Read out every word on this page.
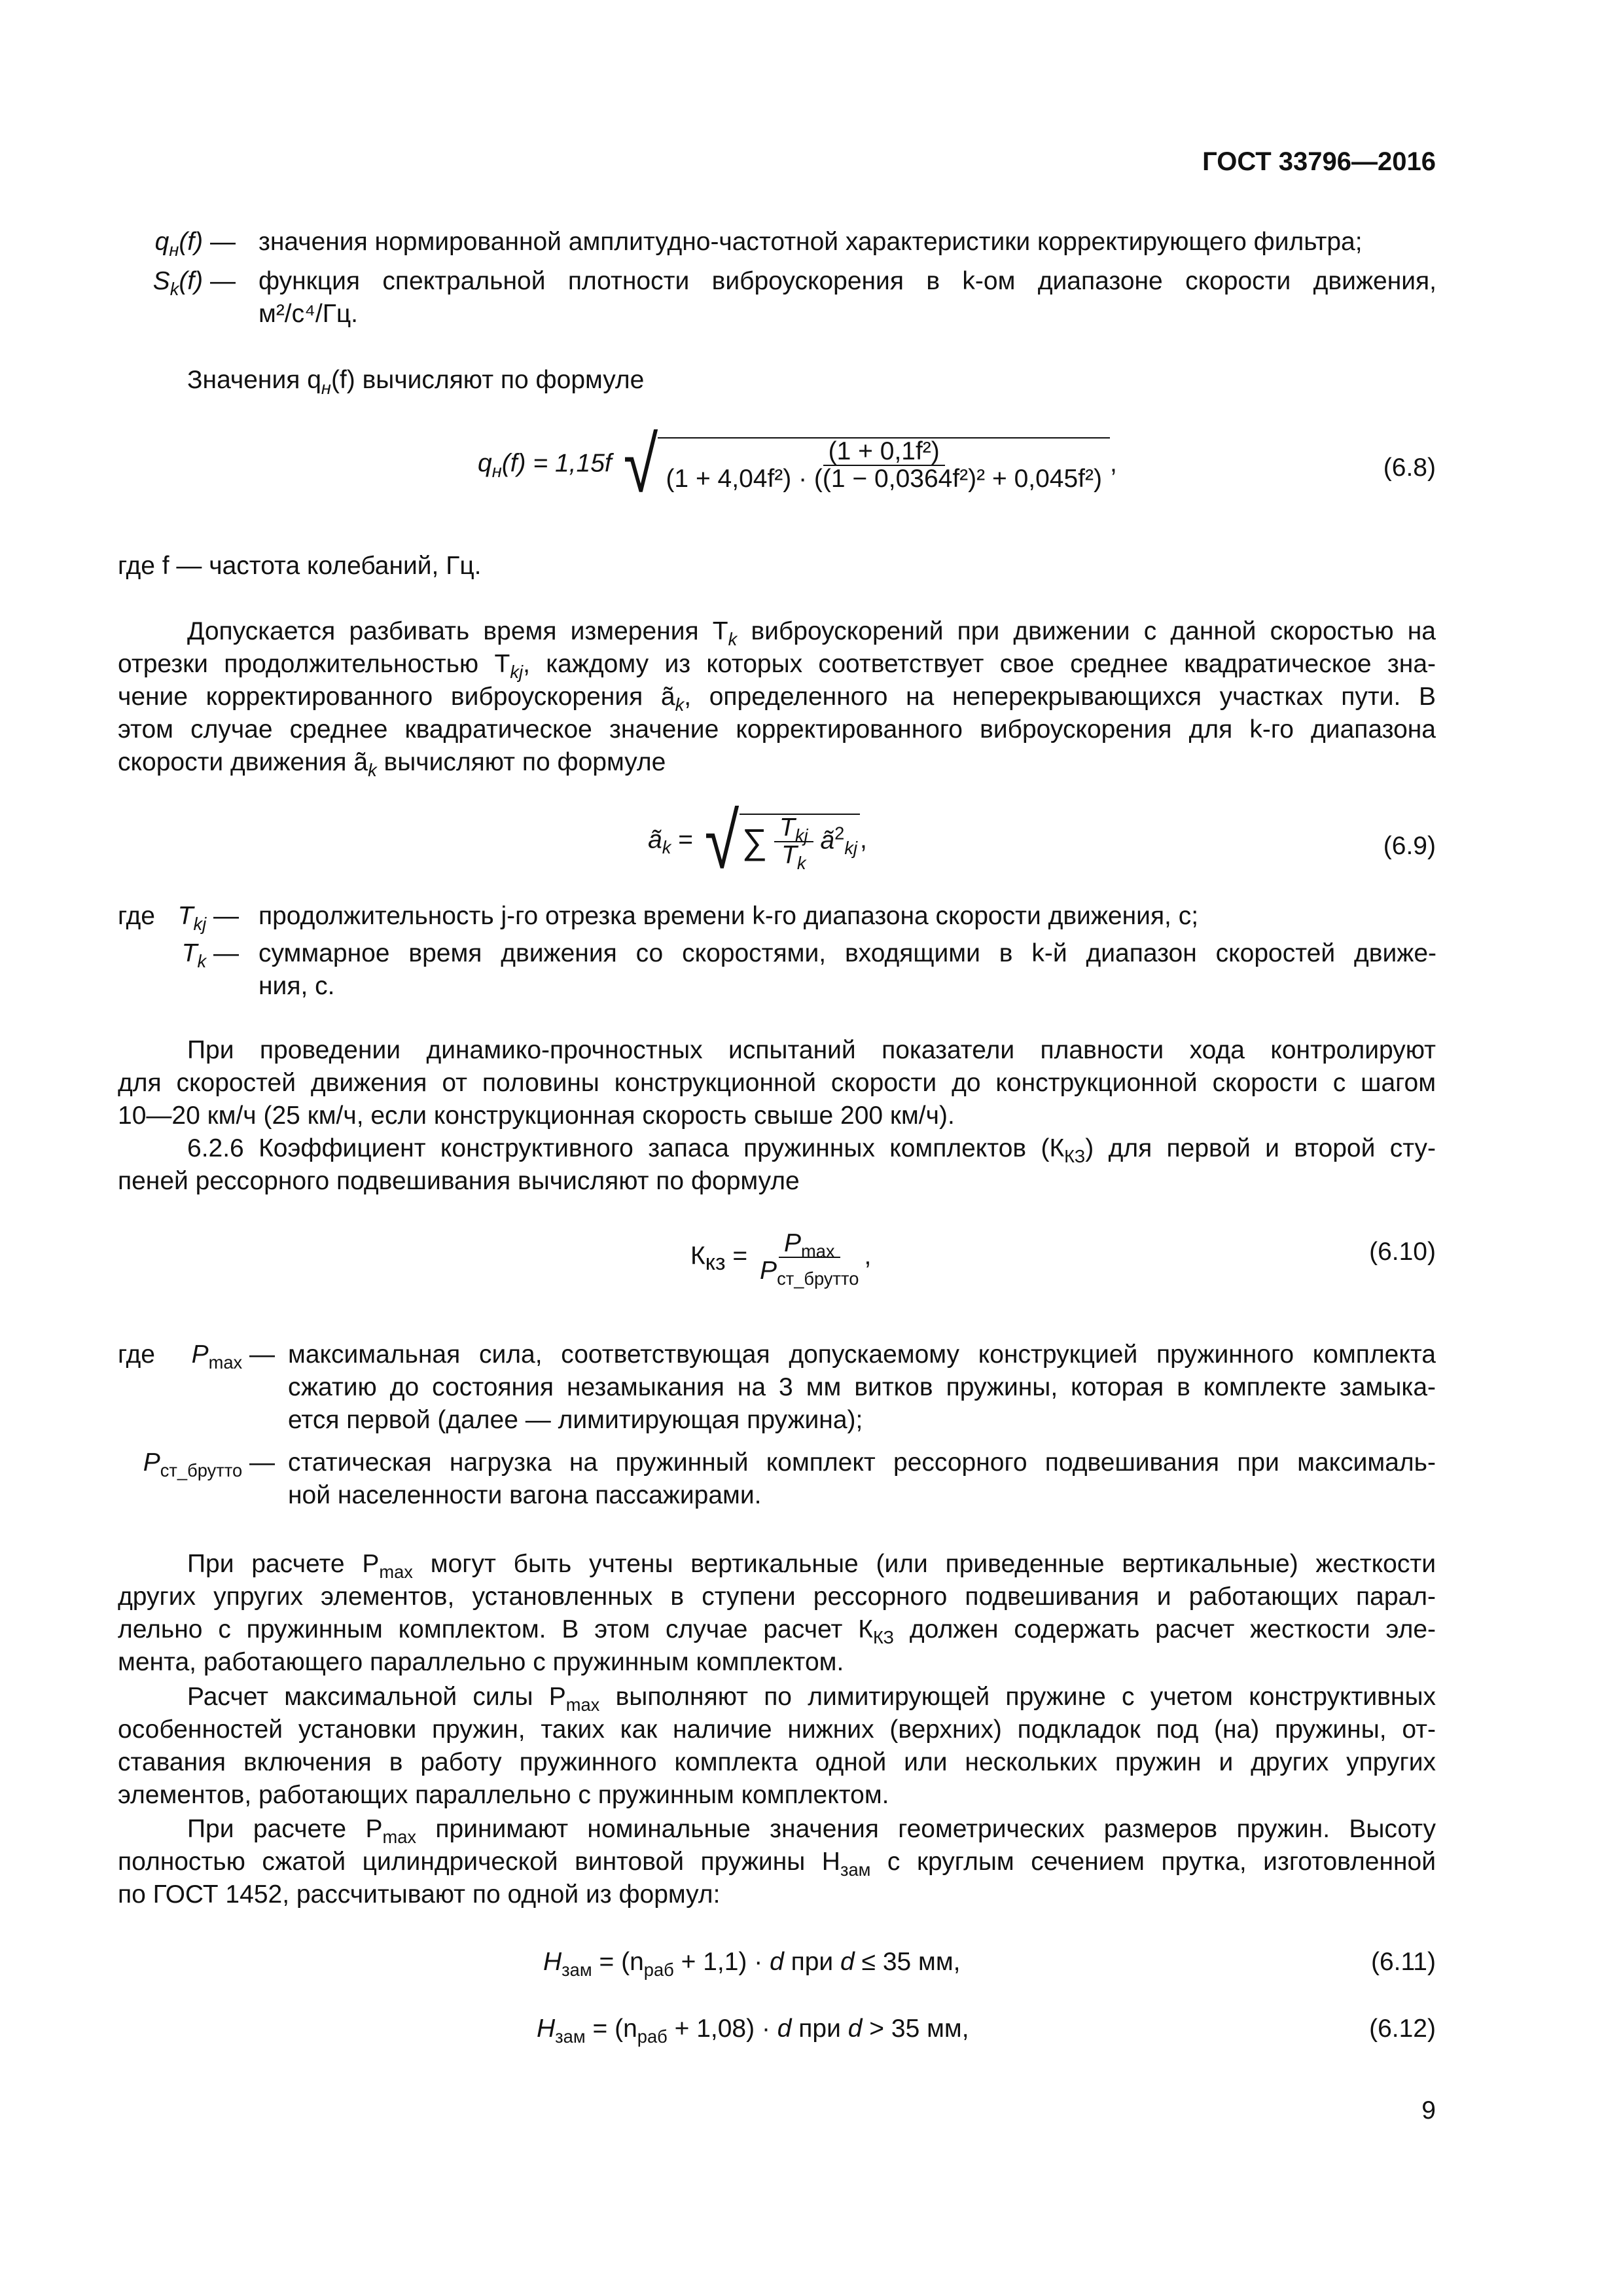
ГОСТ 33796—2016
$q_н(f)$ — значения нормированной амплитудно-частотной характеристики корректирующего фильтра;
$S_k(f)$ — функция спектральной плотности виброускорения в k-ом диапазоне скорости движения,
м²/с⁴/Гц.
Значения $q_н(f)$ вычисляют по формуле
$q_н(f) = 1,15f$ √ $\frac{\text{(1 + 0,1f²)}}{\text{(1 + 4,04f²) · ((1 − 0,0364f²)² + 0,045f²)}}$ ,	(6.8)
где f — частота колебаний, Гц.
Допускается разбивать время измерения $T_k$ виброускорений при движении с данной скоростью на
отрезки продолжительностью $T_{kj}$, каждому из которых соответствует свое среднее квадратическое зна-
чение корректированного виброускорения $ã_k$, определенного на неперекрывающихся участках пути. В
этом случае среднее квадратическое значение корректированного виброускорения для k-го диапазона
скорости движения $ã_k$ вычисляют по формуле
$ã_k$ = √ ∑ $\frac{T_{kj}}{T_k}$ $ã^2_{kj}$ ,	(6.9)
где $T_{kj}$ — продолжительность j-го отрезка времени k-го диапазона скорости движения, с;
$T_k$ — суммарное время движения со скоростями, входящими в k-й диапазон скоростей движе-
ния, с.
При проведении динамико-прочностных испытаний показатели плавности хода контролируют
для скоростей движения от половины конструкционной скорости до конструкционной скорости с шагом
10—20 км/ч (25 км/ч, если конструкционная скорость свыше 200 км/ч).
6.2.6 Коэффициент конструктивного запаса пружинных комплектов $(К_{КЗ})$ для первой и второй сту-
пеней рессорного подвешивания вычисляют по формуле
$К_{кз} = \frac{P_{max}}{P_{ст\_брутто}}$ ,	(6.10)
где	$P_{max}$ — максимальная сила, соответствующая допускаемому конструкцией пружинного комплекта
сжатию до состояния незамыкания на 3 мм витков пружины, которая в комплекте замыка-
ется первой (далее — лимитирующая пружина);
$P_{ст\_брутто}$ — статическая нагрузка на пружинный комплект рессорного подвешивания при максималь-
ной населенности вагона пассажирами.
При расчете $P_{max}$ могут быть учтены вертикальные (или приведенные вертикальные) жесткости
других упругих элементов, установленных в ступени рессорного подвешивания и работающих парал-
лельно с пружинным комплектом. В этом случае расчет $К_{КЗ}$ должен содержать расчет жесткости эле-
мента, работающего параллельно с пружинным комплектом.
Расчет максимальной силы $P_{max}$ выполняют по лимитирующей пружине с учетом конструктивных
особенностей установки пружин, таких как наличие нижних (верхних) подкладок под (на) пружины, от-
ставания включения в работу пружинного комплекта одной или нескольких пружин и других упругих
элементов, работающих параллельно с пружинным комплектом.
При расчете $P_{max}$ принимают номинальные значения геометрических размеров пружин. Высоту
полностью сжатой цилиндрической винтовой пружины $H_{зам}$ с круглым сечением прутка, изготовленной
по ГОСТ 1452, рассчитывают по одной из формул:
$H_{зам} = (n_{раб} + 1,1) \cdot d$ при d ≤ 35 мм,	(6.11)
$H_{зам} = (n_{раб} + 1,08) \cdot d$ при d > 35 мм,	(6.12)
9
